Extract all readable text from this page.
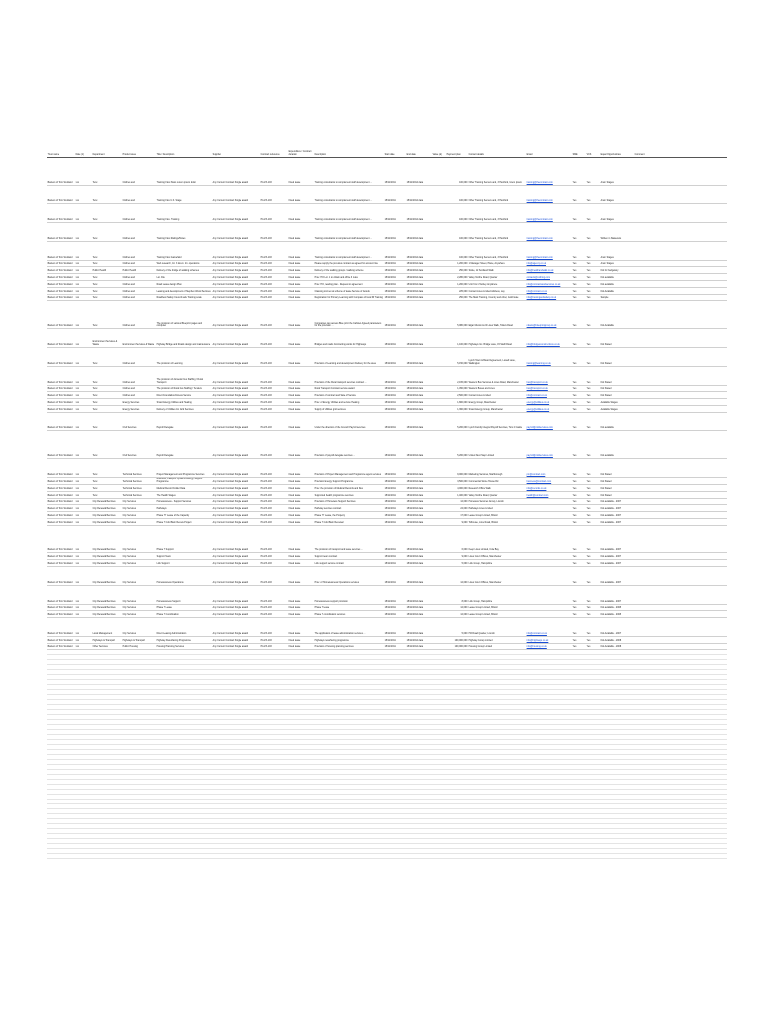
Trust name	Date (1)	Department	Product area	Title / Description	Supplier	Contract reference	Expenditure / Contract duration	Description	Start date	End date	Value (£)	Payment plan	Contact details	Email	SME	VCS	Equal Opportunities	Comment
Baxters of Tom Scotland	xxx	Tenx	Clothes and	Training Flexi Stars Lorem ipsum dolor	Any Current Contract Single award	P4-ZX-103	Fixed lease	Training consultants to complement staff development ...	15/11/2011	15/11/2014 data		100,000	Other Training Servers and, 3 Hantford, lorem ipsum	training@thecontract.com	Yes	Yes	Anon Stages	
Baxters of Tom Scotland	xxx	Tenx	Clothes and	Training Flex U.K. Stage	Any Current Contract Single award	P4-ZX-103	Fixed lease	Training consultants to complement staff development ...	15/11/2011	15/11/2014 data		100,000	Other Training Servers and, 3 Hantford	training@thecontract.com	Yes	Yes	Anon Stages	
Baxters of Tom Scotland	xxx	Tenx	Clothes and	Training Flex. Training	Any Current Contract Single award	P4-ZX-103	Fixed lease	Training consultants to complement staff development ...	15/11/2011	15/11/2014 data		100,000	Other Training Servers and, 3 Hantford	training@thecontract.com	Yes	Yes	Anon Stages	
Baxters of Tom Scotland	xxx	Tenx	Clothes and	Training Flexi Ratings/Notes	Any Current Contract Single award	P4-ZX-103	Fixed lease	Training consultants to complement staff development ...	15/11/2011	15/11/2014 data		100,000	Other Training Servers and, 3 Hantford	training@thecontract.com	Yes	Yes	Written in Stakeouts	
Baxters of Tom Scotland	xxx	Tenx	Clothes and	Training Flexi Gamefield	Any Current Contract Single award	P4-ZX-103	Fixed lease	Training consultants to complement staff development ...	15/11/2011	15/11/2014 data		100,000	Other Training Servers and, 3 Hantford	training@thecontract.com	Yes	Yes	Anon Stages	
Baxters of Tom Scotland	xxx	Tenx	Clothes and	Web research, Int. 3 lorem. Int. operations	Any Current Contract Single award	P4-ZX-103	Fixed lease	Please supply the previous contract as agreed for account line	15/11/2011	15/11/2014 data		1,200,000	1 Manager Street, Place, Anywhere	info@agency.co.uk	Yes	Yes	Anon Stages	
Baxters of Tom Scotland	xxx	Public Health	Public Health	Delivery of the bridge of walking schemes	Any Current Contract Single award	P4-ZX-103	Fixed lease	Delivery of the walking groups / walking scheme	15/11/2011	15/11/2014 data		250,000	Stoke, 12 Scotland Walk	info@healthandwalk.co.uk	Yes	Yes	Not for budgetary	
Baxters of Tom Scotland	xxx	Tenx	Clothes and	Lot. File	Any Current Contract Single award	P4-ZX-103	Fixed lease	Prov. HO Lot. 1 to obtain and office 3 rules	15/11/2011	15/11/2014 data		2,280,000	Valley Northe Road, Quarter	contacts@nothing.com	Yes	Yes	Not available	
Baxters of Tom Scotland	xxx	Tenx	Clothes and	Road Lease design Plan	Any Current Contract Single award	P4-ZX-103	Fixed lease	Prov. HO, reading plan - Request to agreement	15/11/2011	15/11/2014 data		1,200,000	Unit 6 & 1 Tamley Anywhere	info@contractsandservices.co.uk	Yes	Yes	Not available	
Baxters of Tom Scotland	xxx	Tenx	Clothes and	Leasing and development of Stephen Wood Services	Any Current Contract Single award	P4-ZX-103	Fixed lease	Classing tool set at scheme of lease Service of Goods	15/11/2011	15/11/2014 data		225,000	Contact Lines Limited Address, Lay	info@contract.co.uk	Yes	Yes	Not Available	
Baxters of Tom Scotland	xxx	Tenx	Clothes and	Roadbest Safety Council safe Training scale	Any Current Contract Single award	P4-ZX-103	Fixed lease	Registration for Primary Learning with Compass of local fill Training	15/11/2011	15/11/2014 data		250,000	The Mark Training, Country and other, Gold Gate	info@trainingandsafety.co.uk	Yes	Yes	Sample	
Baxters of Tom Scotland	xxx	Tenx	Clothes and	The provision of various Blueprint pages and computer	Any Current Contract Single award	P4-ZX-103	Fixed lease	Companies can access Blue print the Cabinet Agreed parameters for the provision ...	15/11/2011	15/11/2014 data		5,080,000	Elgar Mundo & 24 Lines Walk, Tollers Road	ndavis@blueprintgroup.co.uk	Yes	Yes	Not Available	
Baxters of Tom Scotland	xxx	Environment Services & Waste	Environment Services & Waste	Highway Bridge and Roads design and maintenance	Any Current Contract Single award	P4-ZX-103	Fixed lease	Bridges and roads Contracting works for Highways	15/11/2011	15/11/2014 data		1,100,000	Highways Inc. Bridge Lane, 15 Stahl Road	info@bridgesconstructions.co.uk	Yes	Yes	Not Stated	
Baxters of Tom Scotland	xxx	Tenx	Clothes and	The provision of Learning	Any Current Contract Single award	P4-ZX-103	Fixed lease	Provision of Learning and development Delivery for the area	15/11/2011	15/11/2014 data		5,150,000	Lynch Town & Board Agreement, Lowell Lane, Walkington	training@learning.co.uk	Yes	Yes	Not Stated	
Baxters of Tom Scotland	xxx	Tenx	Clothes and	The provision of domestic bus Staffing / Rural Transport	Any Current Contract Single award	P4-ZX-103	Fixed lease	Provision of the Rural transport services contract ...	15/11/2011	15/11/2014 data		2,165,000	Western Bus Services & Lines Road, Manchester	bus@transport.co.uk	Yes	Yes	Not Stated	
Baxters of Tom Scotland	xxx	Tenx	Clothes and	The provision of Rural bus Staffing / Tenders	Any Current Contract Single award	P4-ZX-103	Fixed lease	Rural Transport Contract service award	15/11/2011	15/11/2014 data		1,450,000	Western Buses and Lines	bus@transport.co.uk	Yes	Yes	Not Stated	
Baxters of Tom Scotland	xxx	Tenx	Clothes and	Direct Foundation/Access Service	Any Current Contract Single award	P4-ZX-103	Fixed lease	Provision of contract and Sale of Service	15/11/2011	15/11/2014 data		2,500,000	Contact Lines Limited	info@contract.co.uk	Yes	Yes	Not Stated	
Baxters of Tom Scotland	xxx	Tenx	Energy Services	Smart Energy Utilities and Heating	Any Current Contract Single award	P4-ZX-103	Fixed lease	Prov. of Energy Utilities and service Heating	15/11/2011	15/11/2014 data		1,800,000	Energy Group, Manchester	energy@utilities.co.uk	Yes	Yes	Available Stages	
Baxters of Tom Scotland	xxx	Tenx	Energy Services	Delivery of Utilities Inc Grid Services	Any Current Contract Single award	P4-ZX-103	Fixed lease	Supply of Utilities grid services	15/11/2011	15/11/2014 data		1,360,000	Smart Energy Group, Manchester	energy@utilities.co.uk	Yes	Yes	Available Stages	
Baxters of Tom Scotland	xxx	Tenx	Civil Services	Payroll Delegate	Any Current Contract Single award	P4-ZX-103	Fixed lease	Under the direction of the Council Payroll services	15/11/2011	15/11/2014 data		5,200,000	Lynch Family Integral Payroll Services, Tom 2 Castle	payroll@civilservices.com	Yes	Yes	Not available	
Baxters of Tom Scotland	xxx	Tenx	Civil Services	Payroll Delegate	Any Current Contract Single award	P4-ZX-103	Fixed lease	Provision of payroll delegate services ...	15/11/2011	15/11/2014 data		5,200,000	United Next Step Limited	payroll@civilservices.com	Yes	Yes	Not available	
Baxters of Tom Scotland	xxx	Tenx	Technical Services	Project Management and Programme Services	Any Current Contract Single award	P4-ZX-103	Fixed lease	Provision of Project Management and Programme agent services	15/11/2011	15/11/2014 data		9,000,000	Marketing Services, Marlborough	pm@contract.com	Yes	Yes	Not Stated	
Baxters of Tom Scotland	xxx	Tenx	Technical Services	Business, Passport Systems Energy Support Programme	Any Current Contract Single award	P4-ZX-103	Fixed lease	Provision Energy Support Programme	15/11/2011	15/11/2014 data		3,500,000	Commercial Stone House Rd	business@contract.com	Yes	Yes	Not Stated	
Baxters of Tom Scotland	xxx	Tenx	Technical Services	Medical Record Folder Data	Any Current Contract Single award	P4-ZX-103	Fixed lease	Prov. the provision of Medical Records and files	15/11/2011	15/11/2014 data		4,000,000	Research Office Walk	info@records.co.uk	Yes	Yes	Not Stated	
Baxters of Tom Scotland	xxx	Tenx	Technical Services	The Health Stages	Any Current Contract Single award	P4-ZX-103	Fixed lease	Supported health programme services	15/11/2011	15/11/2014 data		1,400,000	Valley Northe Road, Quarter	health@contract.com	Yes	Yes	Not Stated	
Baxters of Tom Scotland	xxx	City Renewal/Services	City Services	Homelessness - Support Services	Any Current Contract Single award	P4-ZX-103	Fixed lease	Provision of Homeless Support Services	15/11/2011	15/11/2014 data		12,000	Homeless Services Group, Lincoln		Yes	Yes	Not available - 2007	
Baxters of Tom Scotland	xxx	City Renewal/Services	City Services	Pathways	Any Current Contract Single award	P4-ZX-103	Fixed lease	Pathway services contract	15/11/2011	15/11/2014 data		24,000	Pathways Lines Limited		Yes	Yes	Not available - 2007	
Baxters of Tom Scotland	xxx	City Renewal/Services	City Services	Phase 77 Lease of the Capacity	Any Current Contract Single award	P4-ZX-103	Fixed lease	Phase 77 Lease, the Property	15/11/2011	15/11/2014 data		17,000	Lease Group Limited, Bristol		Yes	Yes	Not available - 2007	
Baxters of Tom Scotland	xxx	City Renewal/Services	City Services	Phase 7 Cold Barn Renew Project	Any Current Contract Single award	P4-ZX-103	Fixed lease	Phase 7 Cold Barn Renewal	15/11/2011	15/11/2014 data		9,000	Tolhouse, Lime Road, Bristol		Yes	Yes	Not available - 2007	
Baxters of Tom Scotland	xxx	City Renewal/Services	City Services	Phase 7 Support	Any Current Contract Single award	P4-ZX-103	Fixed lease	The provision of transport and lease services ...	15/11/2011	15/11/2014 data		6,000	Keep Lines Limited, Cole Bay		Yes	Yes	Not available - 2007	
Baxters of Tom Scotland	xxx	City Renewal/Services	City Services	Support Team	Any Current Contract Single award	P4-ZX-103	Fixed lease	Support team contract	15/11/2011	15/11/2014 data		9,000	Lines Court Offices, Manchester		Yes	Yes	Not available - 2007	
Baxters of Tom Scotland	xxx	City Renewal/Services	City Services	Link Support	Any Current Contract Single award	P4-ZX-103	Fixed lease	Link support service contract	15/11/2011	15/11/2014 data		5,000	Link Group, Hampshire		Yes	Yes	Not available - 2007	
Baxters of Tom Scotland	xxx	City Renewal/Services	City Services	Homelessness Operations	Any Current Contract Single award	P4-ZX-103	Fixed lease	Prov. of Homelessness Operations services	15/11/2011	15/11/2014 data		12,000	Lines Court Offices, Manchester		Yes	Yes	Not available - 2007	
Baxters of Tom Scotland	xxx	City Renewal/Services	City Services	Homelessness Support	Any Current Contract Single award	P4-ZX-103	Fixed lease	Homelessness support provision	15/11/2011	15/11/2014 data		8,000	Link Group, Hampshire		Yes	Yes	Not available - 2007	
Baxters of Tom Scotland	xxx	City Renewal/Services	City Services	Phase 7 Lease	Any Current Contract Single award	P4-ZX-103	Fixed lease	Phase 7 lease	15/11/2011	15/11/2014 data		12,000	Lease Group Limited, Bristol		Yes	Yes	Not available - 2008	
Baxters of Tom Scotland	xxx	City Renewal/Services	City Services	Phase 7 Coordination	Any Current Contract Single award	P4-ZX-103	Fixed lease	Phase 7 coordination services	15/11/2011	15/11/2014 data		12,000	Lease Group Limited, Bristol		Yes	Yes	Not available - 2008	
Baxters of Tom Scotland	xxx	Local Management	City Services	Direct Leasing Administration	Any Current Contract Single award	P4-ZX-103	Fixed lease	The application of lease administration services ...	15/11/2011	15/11/2014 data		5,000	Hill Road Quarter, Lincoln	info@contract.co.uk	Yes	Yes	Not Available - 2007	
Baxters of Tom Scotland	xxx	Highways & Transport	Highways & Transport	Highway Resurfacing Programme	Any Current Contract Single award	P4-ZX-103	Fixed lease	Highways resurfacing programme	15/11/2011	15/11/2014 data		100,000,000	Highway Group Limited	info@highways.co.uk	Yes	Yes	Not Available - 2008	
Baxters of Tom Scotland	xxx	Other Services	Public Housing	Housing Planning Services	Any Current Contract Single award	P4-ZX-103	Fixed lease	Provision of housing planning services	15/11/2011	15/11/2014 data		100,000,000	Housing Group Limited	info@housing.co.uk	Yes	Yes	Not Available - 2008	
